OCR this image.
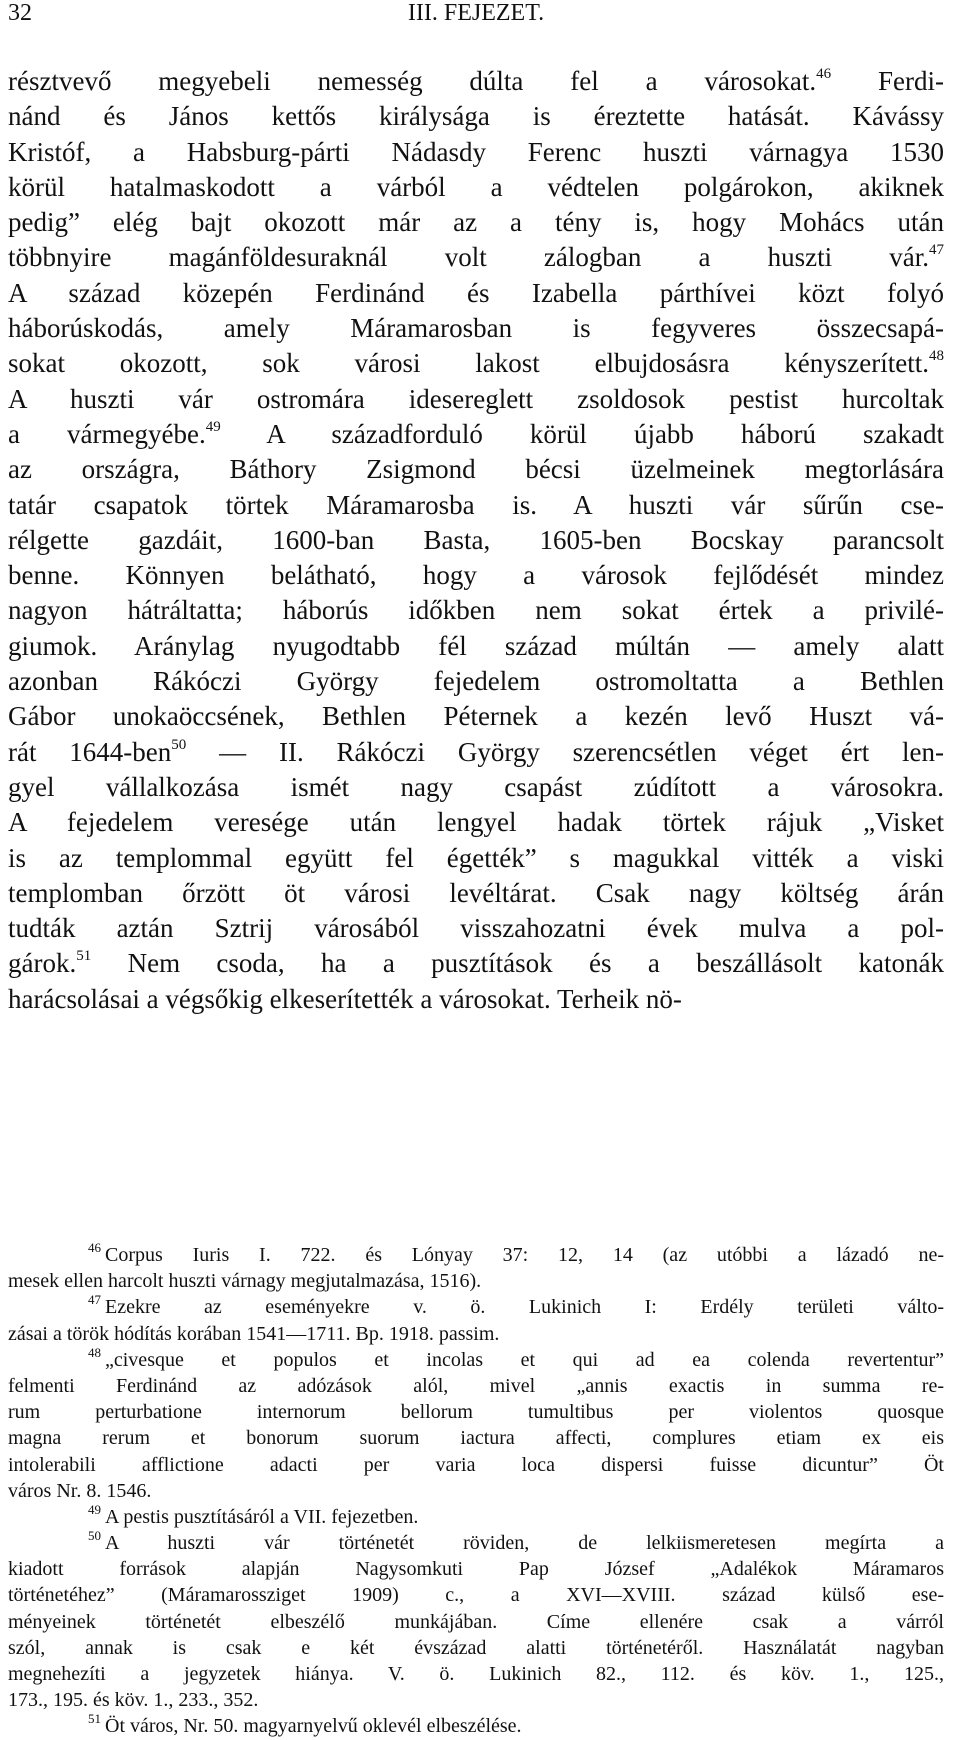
32	III. FEJEZET.
résztvevő megyebeli nemesség dúlta fel a városokat.$^{46}$ Ferdi-
nánd és János kettős királysága is éreztette hatását. Kávássy
Kristóf, a Habsburg-párti Nádasdy Ferenc huszti várnagya 1530
körül hatalmaskodott a várból a védtelen polgárokon, akiknek
pedig” elég bajt okozott már az a tény is, hogy Mohács után
többnyire magánföldesuraknál volt zálogban a huszti vár.$^{47}$
A század közepén Ferdinánd és Izabella párthívei közt folyó
háborúskodás, amely Máramarosban is fegyveres összecsapá-
sokat okozott, sok városi lakost elbujdosásra kényszerített.$^{48}$
A huszti vár ostromára idesereglett zsoldosok pestist hurcoltak
a vármegyébe.$^{49}$ A századforduló körül újabb háború szakadt
az országra, Báthory Zsigmond bécsi üzelmeinek megtorlására
tatár csapatok törtek Máramarosba is. A huszti vár sűrűn cse-
rélgette gazdáit, 1600-ban Basta, 1605-ben Bocskay parancsolt
benne. Könnyen belátható, hogy a városok fejlődését mindez
nagyon hátráltatta; háborús időkben nem sokat értek a privilé-
giumok. Aránylag nyugodtabb fél század múltán — amely alatt
azonban Rákóczi György fejedelem ostromoltatta a Bethlen
Gábor unokaöccsének, Bethlen Péternek a kezén levő Huszt vá-
rát 1644-ben$^{50}$ — II. Rákóczi György szerencsétlen véget ért len-
gyel vállalkozása ismét nagy csapást zúdított a városokra.
A fejedelem veresége után lengyel hadak törtek rájuk „Visket
is az templommal együtt fel égették” s magukkal vitték a viski
templomban őrzött öt városi levéltárat. Csak nagy költség árán
tudták aztán Sztrij városából visszahozatni évek mulva a pol-
gárok.$^{51}$ Nem csoda, ha a pusztítások és a beszállásolt katonák
harácsolásai a végsőkig elkeserítették a városokat. Terheik nö-
$^{46}$ Corpus Iuris I. 722. és Lónyay 37: 12, 14 (az utóbbi a lázadó ne-
mesek ellen harcolt huszti várnagy megjutalmazása, 1516).
$^{47}$ Ezekre az eseményekre v. ö. Lukinich I: Erdély területi válto-
zásai a török hódítás korában 1541—1711. Bp. 1918. passim.
$^{48}$ „civesque et populos et incolas et qui ad ea colenda revertentur”
felmenti Ferdinánd az adózások alól, mivel „annis exactis in summa re-
rum perturbatione internorum bellorum tumultibus per violentos quosque
magna rerum et bonorum suorum iactura affecti, complures etiam ex eis
intolerabili afflictione adacti per varia loca dispersi fuisse dicuntur” Öt
város Nr. 8. 1546.
$^{49}$ A pestis pusztításáról a VII. fejezetben.
$^{50}$ A huszti vár történetét röviden, de lelkiismeretesen megírta a
kiadott források alapján Nagysomkuti Pap József „Adalékok Máramaros
történetéhez” (Máramarossziget 1909) c., a XVI—XVIII. század külső ese-
ményeinek történetét elbeszélő munkájában. Címe ellenére csak a várról
szól, annak is csak e két évszázad alatti történetéről. Használatát nagyban
megnehezíti a jegyzetek hiánya. V. ö. Lukinich 82., 112. és köv. 1., 125.,
173., 195. és köv. 1., 233., 352.
$^{51}$ Öt város, Nr. 50. magyarnyelvű oklevél elbeszélése.
